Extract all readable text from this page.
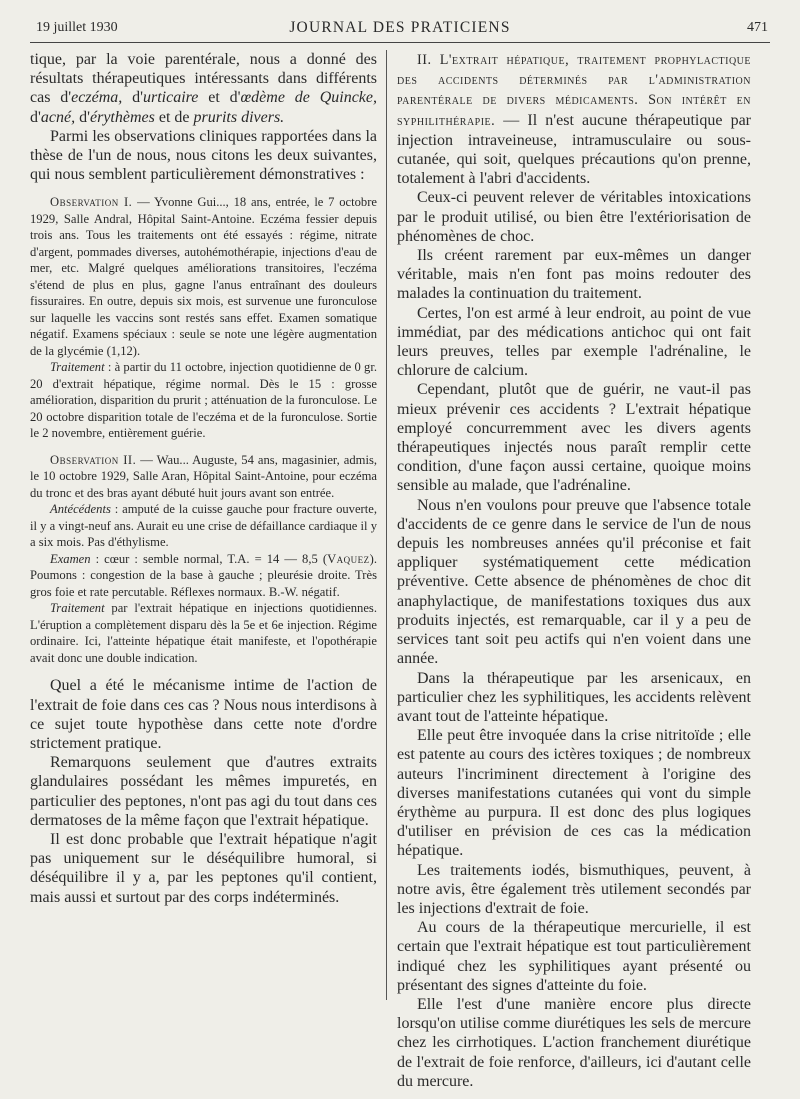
19 juillet 1930	JOURNAL DES PRATICIENS	471

tique, par la voie parentérale, nous a donné des résultats thérapeutiques intéressants dans différents cas d'eczéma, d'urticaire et d'œdème de Quincke, d'acné, d'érythèmes et de prurits divers.

Parmi les observations cliniques rapportées dans la thèse de l'un de nous, nous citons les deux suivantes, qui nous semblent particulièrement démonstratives :

Observation I. — Yvonne Gui..., 18 ans, entrée, le 7 octobre 1929, Salle Andral, Hôpital Saint-Antoine. Eczéma fessier depuis trois ans. Tous les traitements ont été essayés : régime, nitrate d'argent, pommades diverses, autohémothérapie, injections d'eau de mer, etc. Malgré quelques améliorations transitoires, l'eczéma s'étend de plus en plus, gagne l'anus entraînant des douleurs fissuraires. En outre, depuis six mois, est survenue une furonculose sur laquelle les vaccins sont restés sans effet. Examen somatique négatif. Examens spéciaux : seule se note une légère augmentation de la glycémie (1,12).

Traitement : à partir du 11 octobre, injection quotidienne de 0 gr. 20 d'extrait hépatique, régime normal. Dès le 15 : grosse amélioration, disparition du prurit ; atténuation de la furonculose. Le 20 octobre disparition totale de l'eczéma et de la furonculose. Sortie le 2 novembre, entièrement guérie.

Observation II. — Wau... Auguste, 54 ans, magasinier, admis, le 10 octobre 1929, Salle Aran, Hôpital Saint-Antoine, pour eczéma du tronc et des bras ayant débuté huit jours avant son entrée.

Antécédents : amputé de la cuisse gauche pour fracture ouverte, il y a vingt-neuf ans. Aurait eu une crise de défaillance cardiaque il y a six mois. Pas d'éthylisme.

Examen : cœur : semble normal, T.A. = 14 — 8,5 (Vaquez). Poumons : congestion de la base à gauche ; pleurésie droite. Très gros foie et rate percutable. Réflexes normaux. B.-W. négatif.

Traitement par l'extrait hépatique en injections quotidiennes. L'éruption a complètement disparu dès la 5e et 6e injection. Régime ordinaire. Ici, l'atteinte hépatique était manifeste, et l'opothérapie avait donc une double indication.

Quel a été le mécanisme intime de l'action de l'extrait de foie dans ces cas ? Nous nous interdisons à ce sujet toute hypothèse dans cette note d'ordre strictement pratique.

Remarquons seulement que d'autres extraits glandulaires possédant les mêmes impuretés, en particulier des peptones, n'ont pas agi du tout dans ces dermatoses de la même façon que l'extrait hépatique.

Il est donc probable que l'extrait hépatique n'agit pas uniquement sur le déséquilibre humoral, si déséquilibre il y a, par les peptones qu'il contient, mais aussi et surtout par des corps indéterminés.

II. L'extrait hépatique, traitement prophylactique des accidents déterminés par l'administration parentérale de divers médicaments. Son intérêt en syphilithérapie. — Il n'est aucune thérapeutique par injection intraveineuse, intramusculaire ou sous-cutanée, qui soit, quelques précautions qu'on prenne, totalement à l'abri d'accidents.

Ceux-ci peuvent relever de véritables intoxications par le produit utilisé, ou bien être l'extériorisation de phénomènes de choc.

Ils créent rarement par eux-mêmes un danger véritable, mais n'en font pas moins redouter des malades la continuation du traitement.

Certes, l'on est armé à leur endroit, au point de vue immédiat, par des médications antichoc qui ont fait leurs preuves, telles par exemple l'adrénaline, le chlorure de calcium.

Cependant, plutôt que de guérir, ne vaut-il pas mieux prévenir ces accidents ? L'extrait hépatique employé concurremment avec les divers agents thérapeutiques injectés nous paraît remplir cette condition, d'une façon aussi certaine, quoique moins sensible au malade, que l'adrénaline.

Nous n'en voulons pour preuve que l'absence totale d'accidents de ce genre dans le service de l'un de nous depuis les nombreuses années qu'il préconise et fait appliquer systématiquement cette médication préventive. Cette absence de phénomènes de choc dit anaphylactique, de manifestations toxiques dus aux produits injectés, est remarquable, car il y a peu de services tant soit peu actifs qui n'en voient dans une année.

Dans la thérapeutique par les arsenicaux, en particulier chez les syphilitiques, les accidents relèvent avant tout de l'atteinte hépatique.

Elle peut être invoquée dans la crise nitritoïde ; elle est patente au cours des ictères toxiques ; de nombreux auteurs l'incriminent directement à l'origine des diverses manifestations cutanées qui vont du simple érythème au purpura. Il est donc des plus logiques d'utiliser en prévision de ces cas la médication hépatique.

Les traitements iodés, bismuthiques, peuvent, à notre avis, être également très utilement secondés par les injections d'extrait de foie.

Au cours de la thérapeutique mercurielle, il est certain que l'extrait hépatique est tout particulièrement indiqué chez les syphilitiques ayant présenté ou présentant des signes d'atteinte du foie.

Elle l'est d'une manière encore plus directe lorsqu'on utilise comme diurétiques les sels de mercure chez les cirrhotiques. L'action franchement diurétique de l'extrait de foie renforce, d'ailleurs, ici d'autant celle du mercure.
